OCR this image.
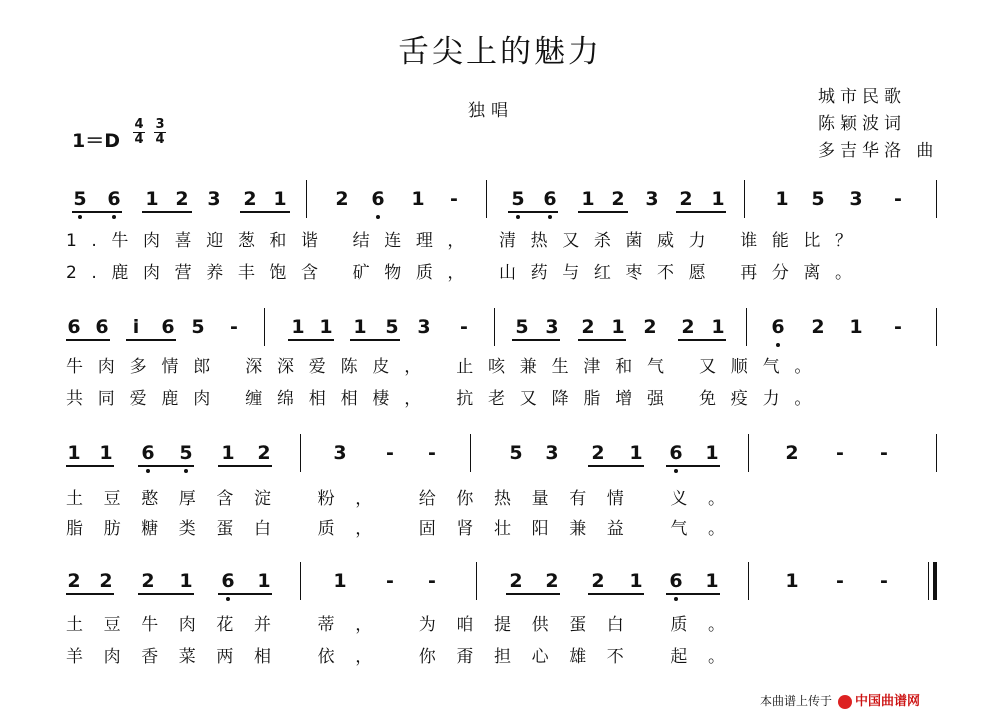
舌尖上的魅力
独唱
城市民歌
陈颖波词
多吉华洛 曲
1＝D
4
4
3
4
5 6 1 2 3 2 1	2 6 1 -	5 6 1 2 3 2 1	1 5 3 -
1.牛肉喜迎葱和谐 结连理， 清热又杀菌威力 谁能比？
2.鹿肉营养丰饱含 矿物质， 山药与红枣不愿 再分离。
6 6 i 6 5 -	1 1 1 5 3 - 5 3 2 1 2 2 1 6 2 1 -
牛肉多情郎 深深爱陈皮， 止咳兼生津和气 又顺气。
共同爱鹿肉 缠绵相相棲， 抗老又降脂增强 免疫力。
1 1 6 5 1 2	3 - -	5 3 2 1 6 1	2 - -
土豆憨厚含淀 粉， 给你热量有情 义。
脂肪糖类蛋白 质， 固肾壮阳兼益 气。
2 2 2 1 6 1	1 - -	2 2 2 1 6 1	1 - -
土豆牛肉花并 蒂， 为咱提供蛋白 质。
羊肉香菜两相 依， 你甭担心雄不 起。
本曲谱上传于 中国曲谱网
